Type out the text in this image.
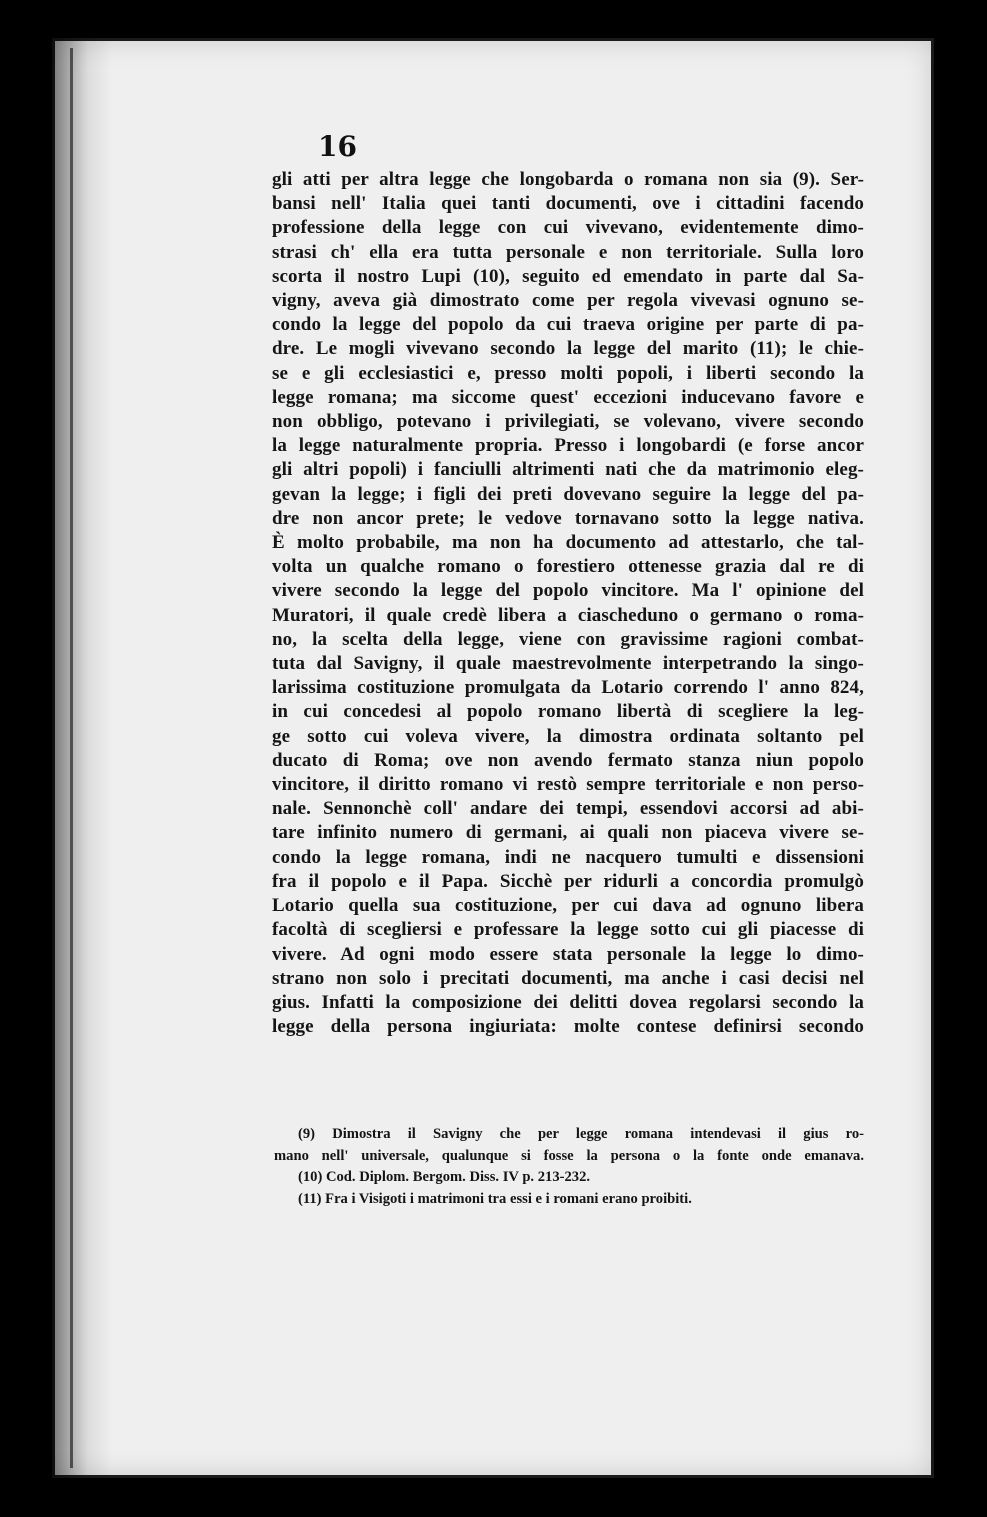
16
gli atti per altra legge che longobarda o romana non sia (9). Ser-
bansi nell' Italia quei tanti documenti, ove i cittadini facendo
professione della legge con cui vivevano, evidentemente dimo-
strasi ch' ella era tutta personale e non territoriale. Sulla loro
scorta il nostro Lupi (10), seguito ed emendato in parte dal Sa-
vigny, aveva già dimostrato come per regola vivevasi ognuno se-
condo la legge del popolo da cui traeva origine per parte di pa-
dre. Le mogli vivevano secondo la legge del marito (11); le chie-
se e gli ecclesiastici e, presso molti popoli, i liberti secondo la
legge romana; ma siccome quest' eccezioni inducevano favore e
non obbligo, potevano i privilegiati, se volevano, vivere secondo
la legge naturalmente propria. Presso i longobardi (e forse ancor
gli altri popoli) i fanciulli altrimenti nati che da matrimonio eleg-
gevan la legge; i figli dei preti dovevano seguire la legge del pa-
dre non ancor prete; le vedove tornavano sotto la legge nativa.
È molto probabile, ma non ha documento ad attestarlo, che tal-
volta un qualche romano o forestiero ottenesse grazia dal re di
vivere secondo la legge del popolo vincitore. Ma l' opinione del
Muratori, il quale credè libera a ciascheduno o germano o roma-
no, la scelta della legge, viene con gravissime ragioni combat-
tuta dal Savigny, il quale maestrevolmente interpetrando la singo-
larissima costituzione promulgata da Lotario correndo l' anno 824,
in cui concedesi al popolo romano libertà di scegliere la leg-
ge sotto cui voleva vivere, la dimostra ordinata soltanto pel
ducato di Roma; ove non avendo fermato stanza niun popolo
vincitore, il diritto romano vi restò sempre territoriale e non perso-
nale. Sennonchè coll' andare dei tempi, essendovi accorsi ad abi-
tare infinito numero di germani, ai quali non piaceva vivere se-
condo la legge romana, indi ne nacquero tumulti e dissensioni
fra il popolo e il Papa. Sicchè per ridurli a concordia promulgò
Lotario quella sua costituzione, per cui dava ad ognuno libera
facoltà di scegliersi e professare la legge sotto cui gli piacesse di
vivere. Ad ogni modo essere stata personale la legge lo dimo-
strano non solo i precitati documenti, ma anche i casi decisi nel
gius. Infatti la composizione dei delitti dovea regolarsi secondo la
legge della persona ingiuriata: molte contese definirsi secondo
(9) Dimostra il Savigny che per legge romana intendevasi il gius ro-
mano nell' universale, qualunque si fosse la persona o la fonte onde emanava.
(10) Cod. Diplom. Bergom. Diss. IV p. 213-232.
(11) Fra i Visigoti i matrimoni tra essi e i romani erano proibiti.
